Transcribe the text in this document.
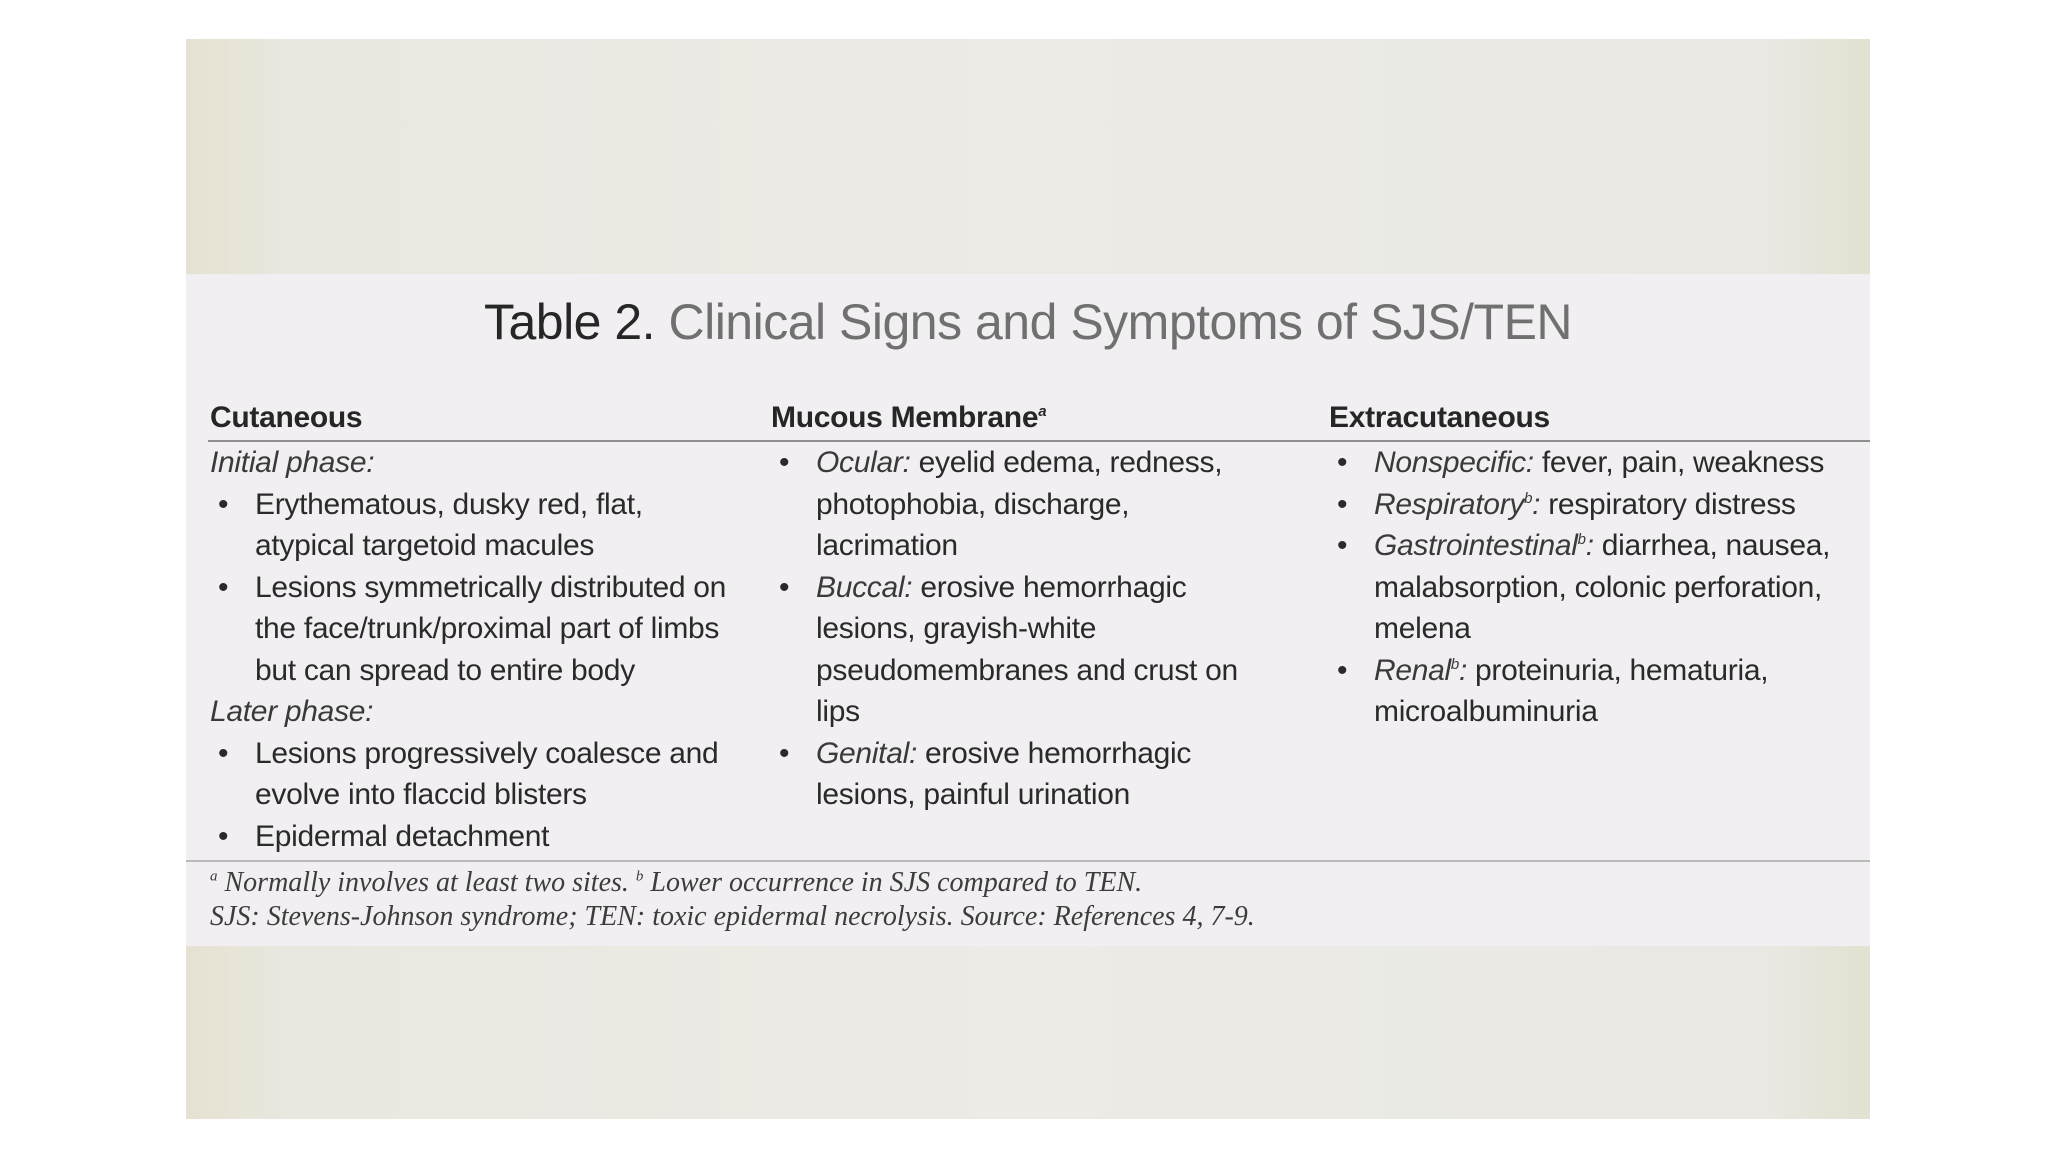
Table 2. Clinical Signs and Symptoms of SJS/TEN
Cutaneous	Mucous Membrane$^a$	Extracutaneous
Initial phase:
• Erythematous, dusky red, flat, atypical targetoid macules
• Lesions symmetrically distributed on the face/trunk/proximal part of limbs but can spread to entire body
Later phase:
• Lesions progressively coalesce and evolve into flaccid blisters
• Epidermal detachment
• Ocular: eyelid edema, redness, photophobia, discharge, lacrimation
• Buccal: erosive hemorrhagic lesions, grayish-white pseudomembranes and crust on lips
• Genital: erosive hemorrhagic lesions, painful urination
• Nonspecific: fever, pain, weakness
• Respiratory$^b$: respiratory distress
• Gastrointestinal$^b$: diarrhea, nausea, malabsorption, colonic perforation, melena
• Renal$^b$: proteinuria, hematuria, microalbuminuria
$^a$ Normally involves at least two sites. $^b$ Lower occurrence in SJS compared to TEN.
SJS: Stevens-Johnson syndrome; TEN: toxic epidermal necrolysis. Source: References 4, 7-9.
